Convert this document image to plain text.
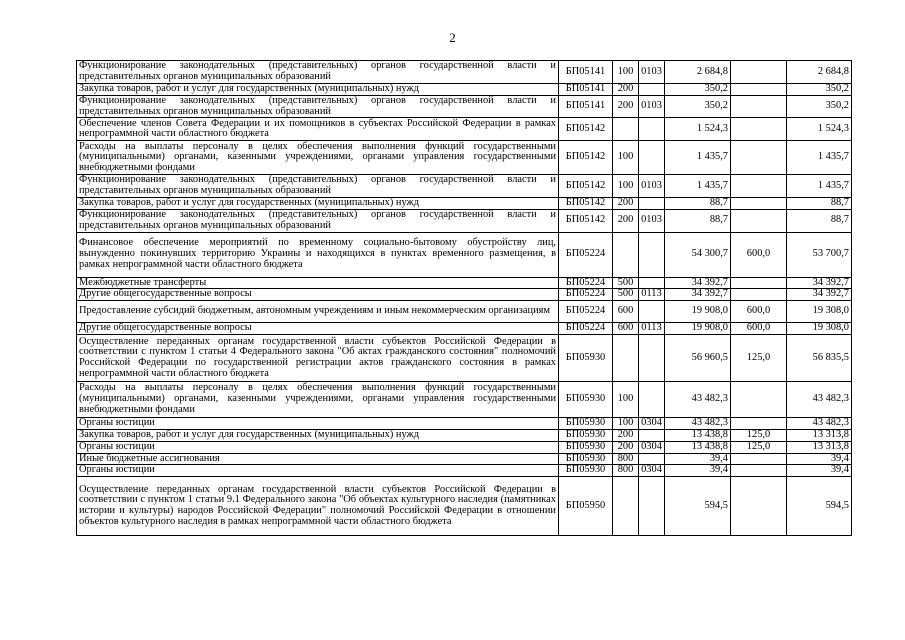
2
Функционирование законодательных (представительных) органов государственной власти и представительных органов муниципальных образований	БП05141	100	0103	2 684,8		2 684,8
Закупка товаров, работ и услуг для государственных (муниципальных) нужд	БП05141	200		350,2		350,2
Функционирование законодательных (представительных) органов государственной власти и представительных органов муниципальных образований	БП05141	200	0103	350,2		350,2
Обеспечение членов Совета Федерации и их помощников в субъектах Российской Федерации в рамках непрограммной части областного бюджета	БП05142			1 524,3		1 524,3
Расходы на выплаты персоналу в целях обеспечения выполнения функций государственными (муниципальными) органами, казенными учреждениями, органами управления государственными внебюджетными фондами	БП05142	100		1 435,7		1 435,7
Функционирование законодательных (представительных) органов государственной власти и представительных органов муниципальных образований	БП05142	100	0103	1 435,7		1 435,7
Закупка товаров, работ и услуг для государственных (муниципальных) нужд	БП05142	200		88,7		88,7
Функционирование законодательных (представительных) органов государственной власти и представительных органов муниципальных образований	БП05142	200	0103	88,7		88,7
Финансовое обеспечение мероприятий по временному социально-бытовому обустройству лиц, вынужденно покинувших территорию Украины и находящихся в пунктах временного размещения, в рамках непрограммной части областного бюджета	БП05224			54 300,7	600,0	53 700,7
Межбюджетные трансферты	БП05224	500		34 392,7		34 392,7
Другие общегосударственные вопросы	БП05224	500	0113	34 392,7		34 392,7
Предоставление субсидий бюджетным, автономным учреждениям и иным некоммерческим организациям	БП05224	600		19 908,0	600,0	19 308,0
Другие общегосударственные вопросы	БП05224	600	0113	19 908,0	600,0	19 308,0
Осуществление переданных органам государственной власти субъектов Российской Федерации в соответствии с пунктом 1 статьи 4 Федерального закона "Об актах гражданского состояния" полномочий Российской Федерации по государственной регистрации актов гражданского состояния в рамках непрограммной части областного бюджета	БП05930			56 960,5	125,0	56 835,5
Расходы на выплаты персоналу в целях обеспечения выполнения функций государственными (муниципальными) органами, казенными учреждениями, органами управления государственными внебюджетными фондами	БП05930	100		43 482,3		43 482,3
Органы юстиции	БП05930	100	0304	43 482,3		43 482,3
Закупка товаров, работ и услуг для государственных (муниципальных) нужд	БП05930	200		13 438,8	125,0	13 313,8
Органы юстиции	БП05930	200	0304	13 438,8	125,0	13 313,8
Иные бюджетные ассигнования	БП05930	800		39,4		39,4
Органы юстиции	БП05930	800	0304	39,4		39,4
Осуществление переданных органам государственной власти субъектов Российской Федерации в соответствии с пунктом 1 статьи 9.1 Федерального закона "Об объектах культурного наследия (памятниках истории и культуры) народов Российской Федерации" полномочий Российской Федерации в отношении объектов культурного наследия в рамках непрограммной части областного бюджета	БП05950			594,5		594,5
